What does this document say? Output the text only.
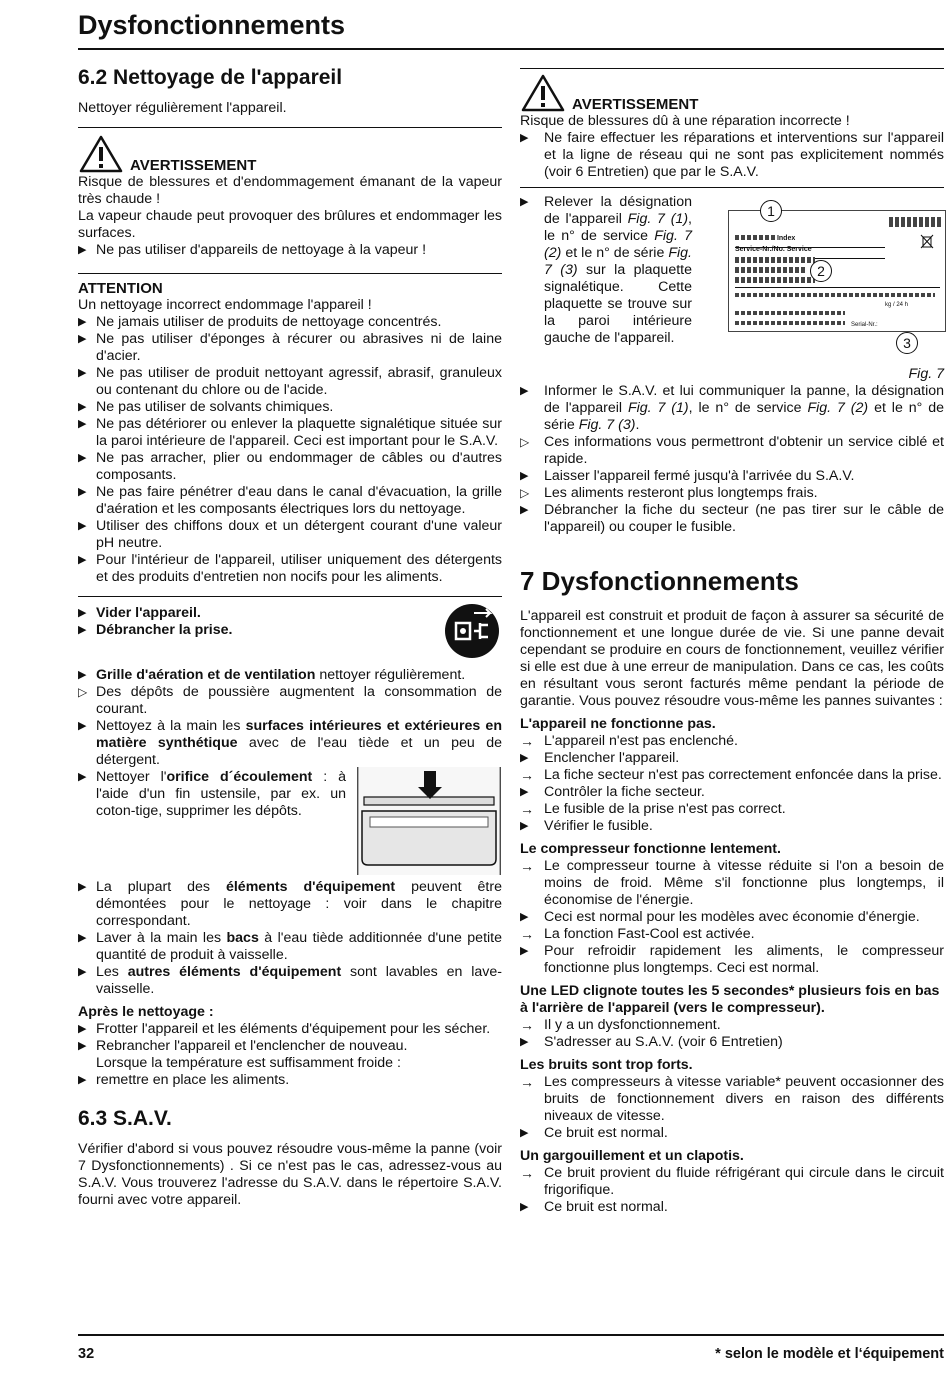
Dysfonctionnements
6.2 Nettoyage de l'appareil

Nettoyer régulièrement l'appareil.

AVERTISSEMENT

Risque de blessures et d'endommagement émanant de la vapeur très chaude !

La vapeur chaude peut provoquer des brûlures et endommager les surfaces.

▶ Ne pas utiliser d'appareils de nettoyage à la vapeur !
ATTENTION

Un nettoyage incorrect endommage l'appareil !

▶ Ne jamais utiliser de produits de nettoyage concentrés.
▶ Ne pas utiliser d'éponges à récurer ou abrasives ni de laine d'acier.
▶ Ne pas utiliser de produit nettoyant agressif, abrasif, granuleux ou contenant du chlore ou de l'acide.
▶ Ne pas utiliser de solvants chimiques.
▶ Ne pas détériorer ou enlever la plaquette signalétique située sur la paroi intérieure de l'appareil. Ceci est important pour le S.A.V.
▶ Ne pas arracher, plier ou endommager de câbles ou d'autres composants.
▶ Ne pas faire pénétrer d'eau dans le canal d'évacuation, la grille d'aération et les composants électriques lors du nettoyage.
▶ Utiliser des chiffons doux et un détergent courant d'une valeur pH neutre.
▶ Pour l'intérieur de l'appareil, utiliser uniquement des détergents et des produits d'entretien non nocifs pour les aliments.
▶ Vider l'appareil.
▶ Débrancher la prise.
▶ Grille d'aération et de ventilation nettoyer régulièrement.
▷ Des dépôts de poussière augmentent la consommation de courant.
▶ Nettoyez à la main les surfaces intérieures et extérieures en matière synthétique avec de l'eau tiède et un peu de détergent.
▶ Nettoyer l'orifice d´écoulement : à l'aide d'un fin ustensile, par ex. un coton-tige, supprimer les dépôts.
▶ La plupart des éléments d'équipement peuvent être démontées pour le nettoyage : voir dans le chapitre correspondant.
▶ Laver à la main les bacs à l'eau tiède additionnée d'une petite quantité de produit à vaisselle.
▶ Les autres éléments d'équipement sont lavables en lave-vaisselle.
Après le nettoyage :
▶ Frotter l'appareil et les éléments d'équipement pour les sécher.
▶ Rebrancher l'appareil et l'enclencher de nouveau.
Lorsque la température est suffisamment froide :
▶ remettre en place les aliments.
6.3 S.A.V.

Vérifier d'abord si vous pouvez résoudre vous-même la panne (voir 7 Dysfonctionnements) . Si ce n'est pas le cas, adressez-vous au S.A.V. Vous trouverez l'adresse du S.A.V. dans le répertoire S.A.V. fourni avec votre appareil.

AVERTISSEMENT

Risque de blessures dû à une réparation incorrecte !

▶ Ne faire effectuer les réparations et interventions sur l'appareil et la ligne de réseau qui ne sont pas explicitement nommés (voir 6 Entretien) que par le S.A.V.
▶ Relever la désignation de l'appareil Fig. 7 (1), le n° de service Fig. 7 (2) et le n° de série Fig. 7 (3) sur la plaquette signalétique. Cette plaquette se trouve sur la paroi intérieure gauche de l'appareil.
Index
Service-Nr./No. Service
kg / 24 h
Serial-Nr.:
1
2
3

Fig. 7

▶ Informer le S.A.V. et lui communiquer la panne, la désignation de l'appareil Fig. 7 (1), le n° de service Fig. 7 (2) et le n° de série Fig. 7 (3).
▷ Ces informations vous permettront d'obtenir un service ciblé et rapide.
▶ Laisser l'appareil fermé jusqu'à l'arrivée du S.A.V.
▷ Les aliments resteront plus longtemps frais.
▶ Débrancher la fiche du secteur (ne pas tirer sur le câble de l'appareil) ou couper le fusible.
7 Dysfonctionnements

L'appareil est construit et produit de façon à assurer sa sécurité de fonctionnement et une longue durée de vie. Si une panne devait cependant se produire en cours de fonctionnement, veuillez vérifier si elle est due à une erreur de manipulation. Dans ce cas, les coûts en résultant vous seront facturés même pendant la période de garantie. Vous pouvez résoudre vous-même les pannes suivantes :

L'appareil ne fonctionne pas.
→ L'appareil n'est pas enclenché.
▶ Enclencher l'appareil.
→ La fiche secteur n'est pas correctement enfoncée dans la prise.
▶ Contrôler la fiche secteur.
→ Le fusible de la prise n'est pas correct.
▶ Vérifier le fusible.
Le compresseur fonctionne lentement.
→ Le compresseur tourne à vitesse réduite si l'on a besoin de moins de froid. Même s'il fonctionne plus longtemps, il économise de l'énergie.
▶ Ceci est normal pour les modèles avec économie d'énergie.
→ La fonction Fast-Cool est activée.
▶ Pour refroidir rapidement les aliments, le compresseur fonctionne plus longtemps. Ceci est normal.
Une LED clignote toutes les 5 secondes* plusieurs fois en bas à l'arrière de l'appareil (vers le compresseur).
→ Il y a un dysfonctionnement.
▶ S'adresser au S.A.V. (voir 6 Entretien)
Les bruits sont trop forts.
→ Les compresseurs à vitesse variable* peuvent occasionner des bruits de fonctionnement divers en raison des différents niveaux de vitesse.
▶ Ce bruit est normal.
Un gargouillement et un clapotis.
→ Ce bruit provient du fluide réfrigérant qui circule dans le circuit frigorifique.
▶ Ce bruit est normal.
32	* selon le modèle et l‘équipement
